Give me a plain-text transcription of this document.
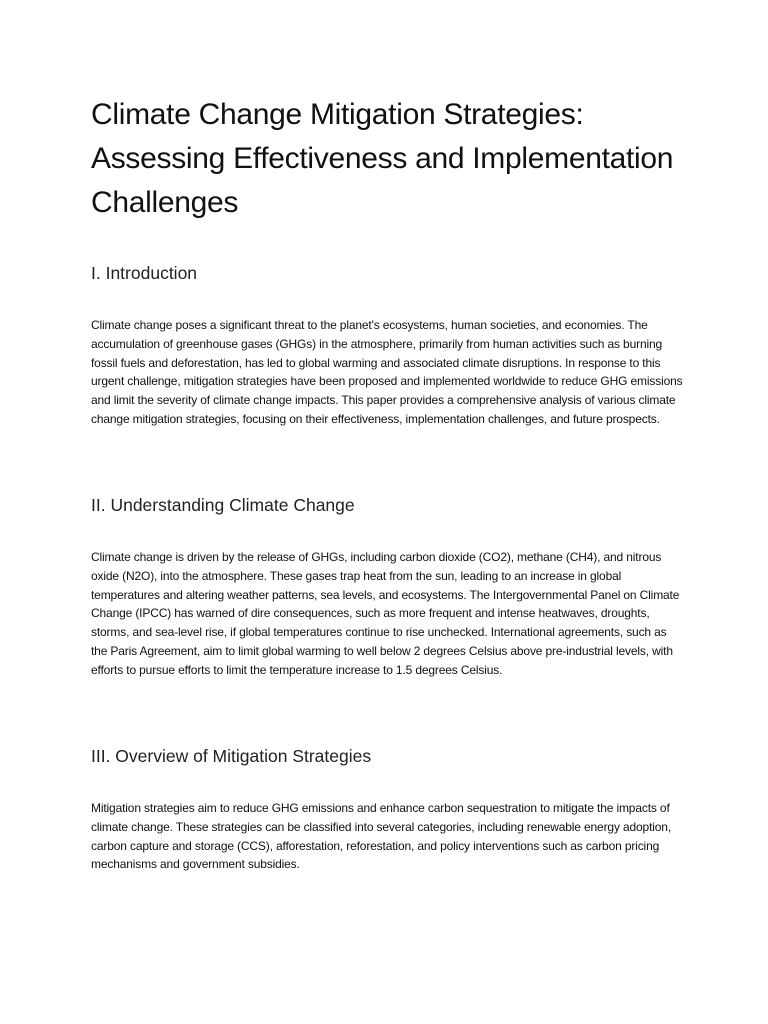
Climate Change Mitigation Strategies: Assessing Effectiveness and Implementation Challenges
I. Introduction

Climate change poses a significant threat to the planet's ecosystems, human societies, and economies. The accumulation of greenhouse gases (GHGs) in the atmosphere, primarily from human activities such as burning fossil fuels and deforestation, has led to global warming and associated climate disruptions. In response to this urgent challenge, mitigation strategies have been proposed and implemented worldwide to reduce GHG emissions and limit the severity of climate change impacts. This paper provides a comprehensive analysis of various climate change mitigation strategies, focusing on their effectiveness, implementation challenges, and future prospects.

II. Understanding Climate Change

Climate change is driven by the release of GHGs, including carbon dioxide (CO2), methane (CH4), and nitrous oxide (N2O), into the atmosphere. These gases trap heat from the sun, leading to an increase in global temperatures and altering weather patterns, sea levels, and ecosystems. The Intergovernmental Panel on Climate Change (IPCC) has warned of dire consequences, such as more frequent and intense heatwaves, droughts, storms, and sea-level rise, if global temperatures continue to rise unchecked. International agreements, such as the Paris Agreement, aim to limit global warming to well below 2 degrees Celsius above pre-industrial levels, with efforts to pursue efforts to limit the temperature increase to 1.5 degrees Celsius.

III. Overview of Mitigation Strategies

Mitigation strategies aim to reduce GHG emissions and enhance carbon sequestration to mitigate the impacts of climate change. These strategies can be classified into several categories, including renewable energy adoption, carbon capture and storage (CCS), afforestation, reforestation, and policy interventions such as carbon pricing mechanisms and government subsidies.
